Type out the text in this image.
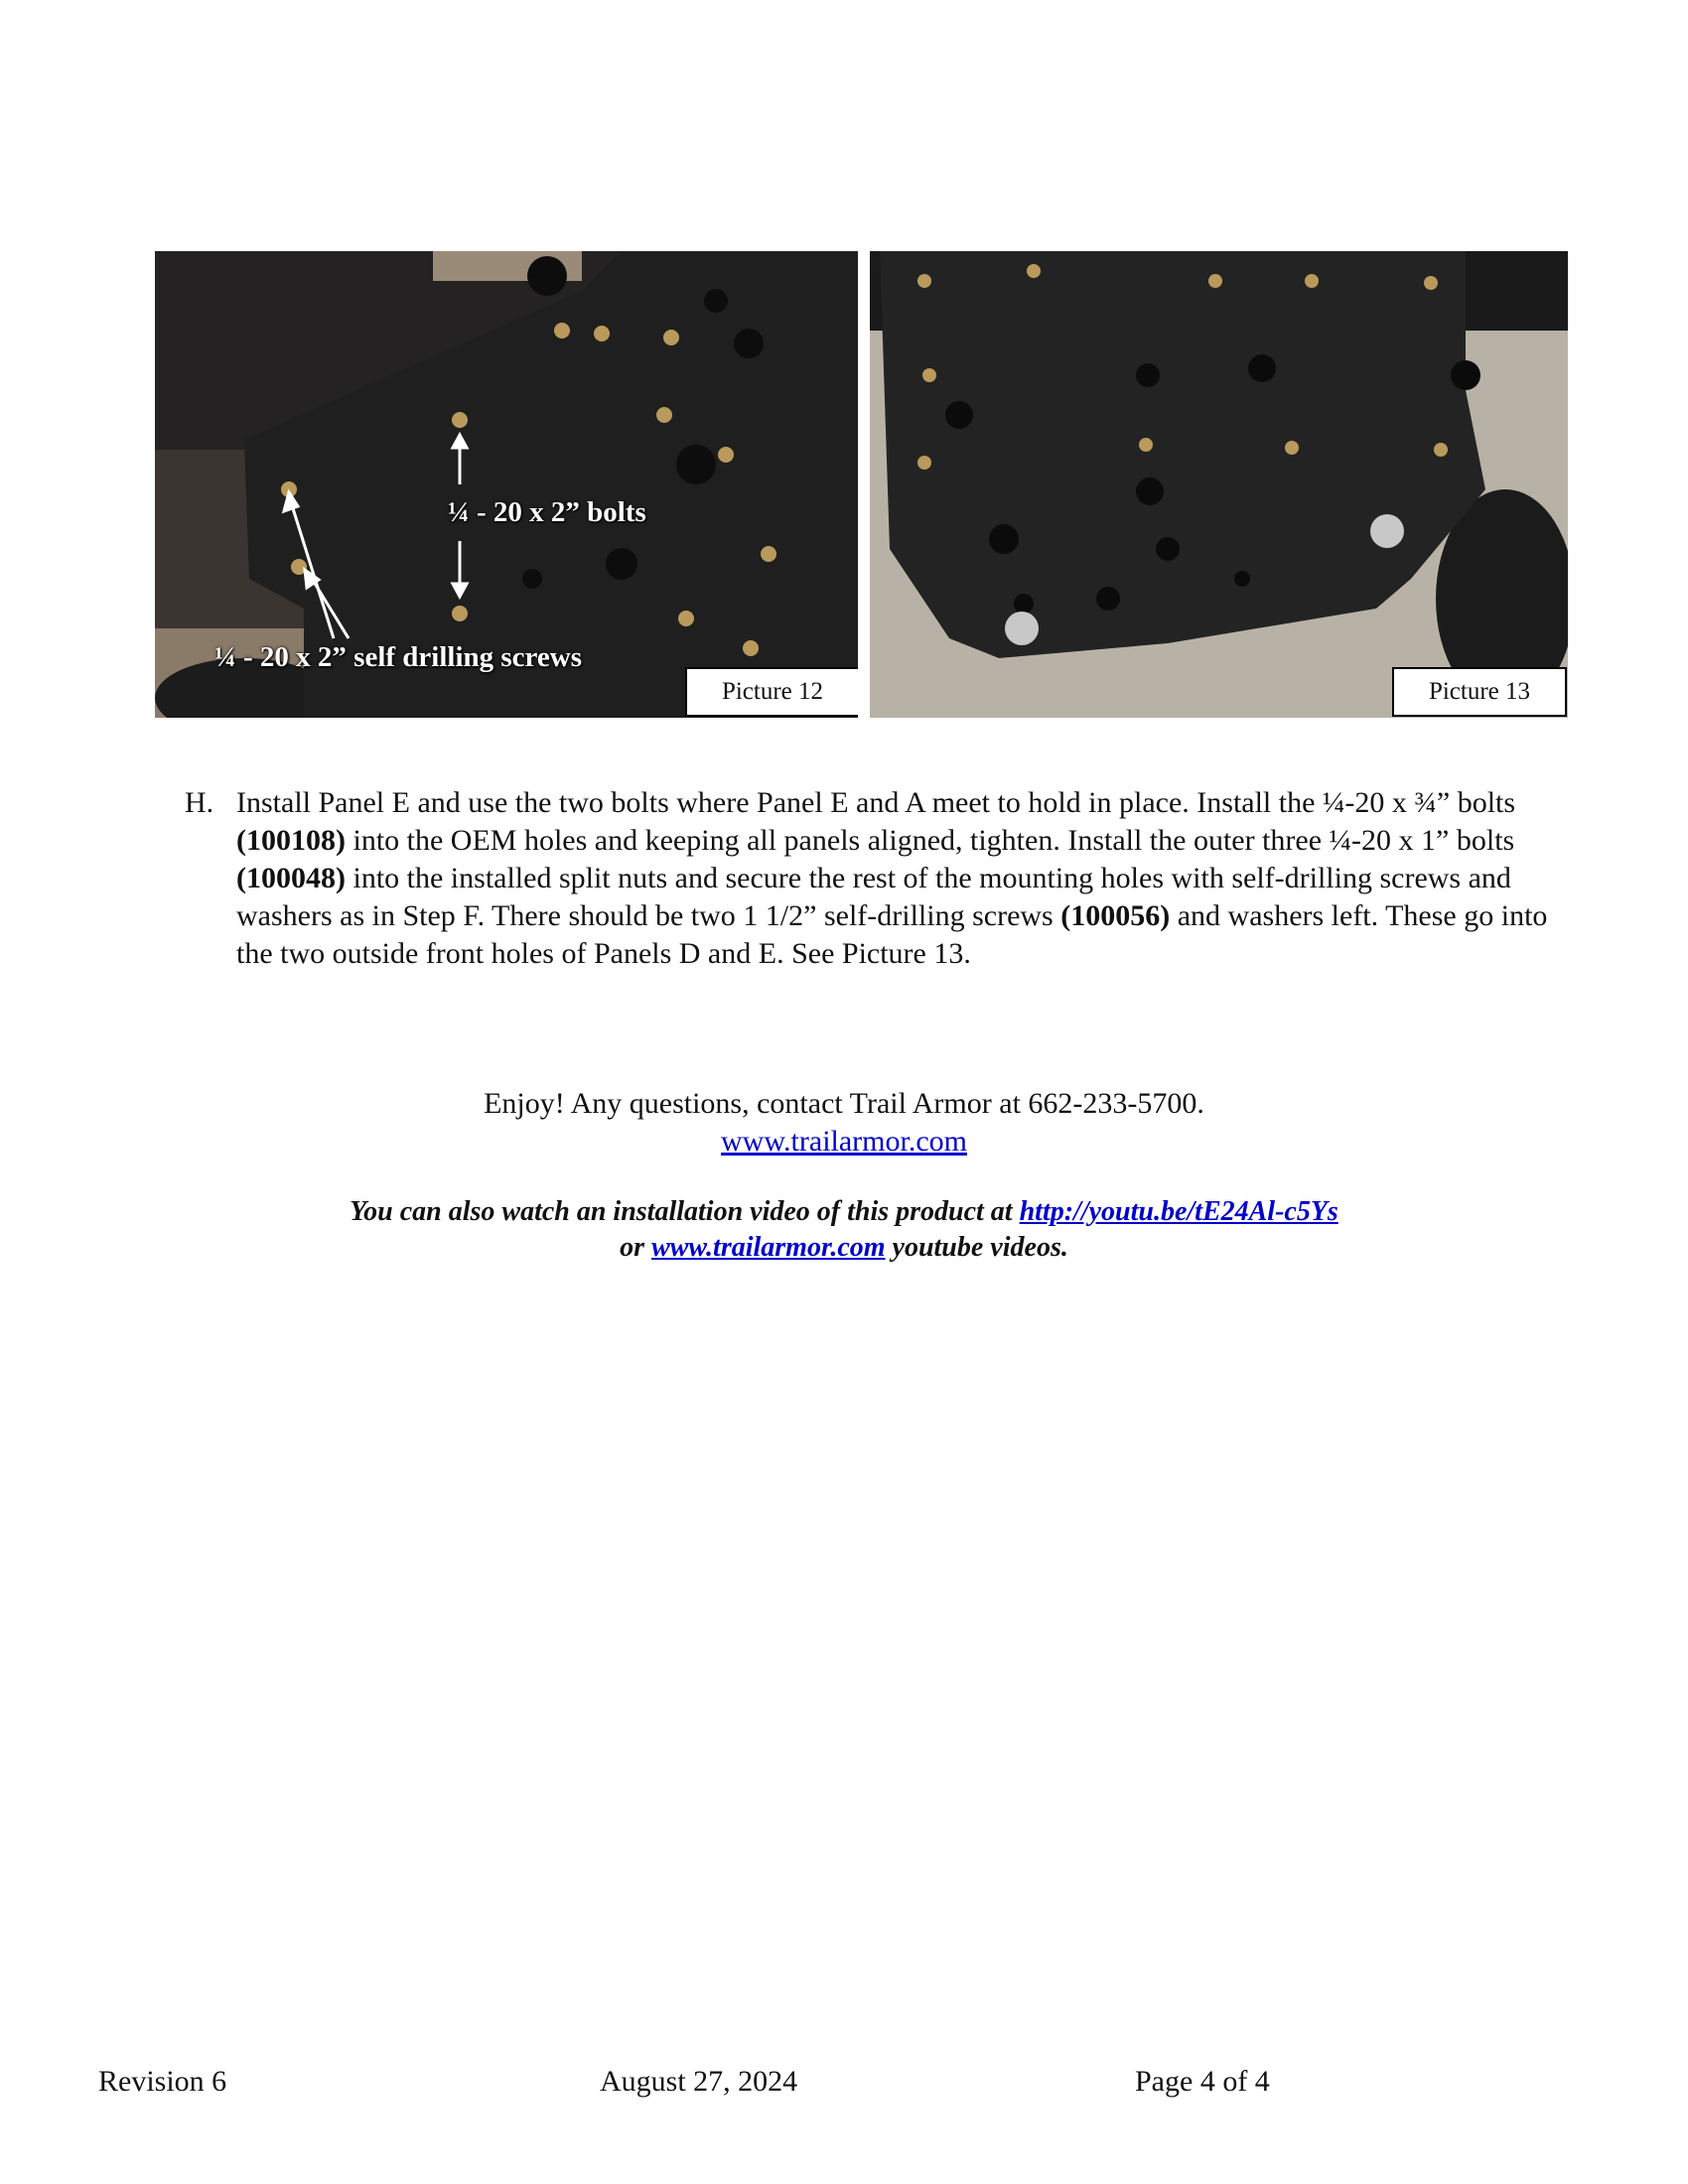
¼ - 20 x 2” bolts
¼ - 20 x 2” self drilling screws
Picture 12	Picture 13
H. Install Panel E and use the two bolts where Panel E and A meet to hold in place. Install the ¼-20 x ¾” bolts (100108) into the OEM holes and keeping all panels aligned, tighten. Install the outer three ¼-20 x 1” bolts (100048) into the installed split nuts and secure the rest of the mounting holes with self-drilling screws and washers as in Step F. There should be two 1 1/2” self-drilling screws (100056) and washers left. These go into the two outside front holes of Panels D and E. See Picture 13.
Enjoy! Any questions, contact Trail Armor at 662-233-5700.
www.trailarmor.com
You can also watch an installation video of this product at http://youtu.be/tE24Al-c5Ys
or www.trailarmor.com youtube videos.
Revision 6	August 27, 2024	Page 4 of 4
